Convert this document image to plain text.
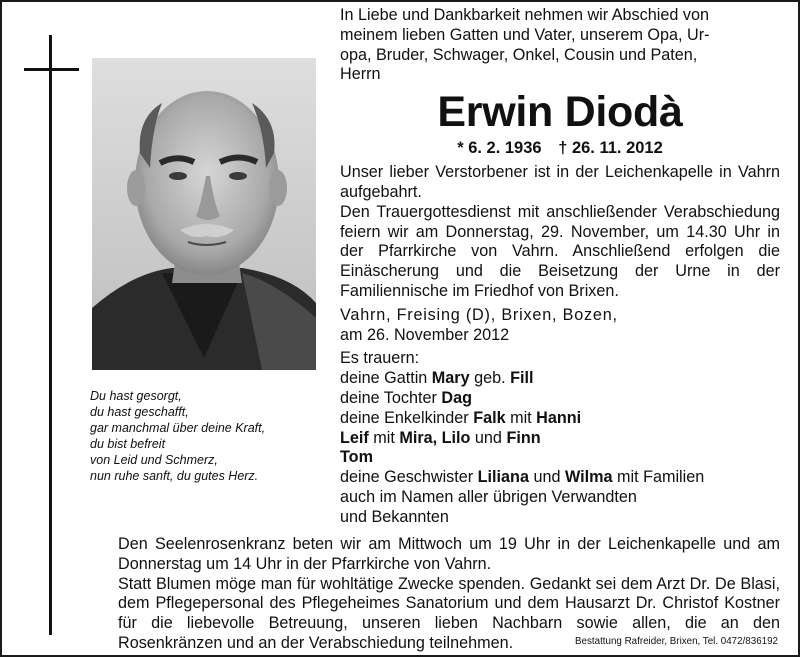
Du hast gesorgt,
du hast geschafft,
gar manchmal über deine Kraft,
du bist befreit
von Leid und Schmerz,
nun ruhe sanft, du gutes Herz.
In Liebe und Dankbarkeit nehmen wir Abschied von
meinem lieben Gatten und Vater, unserem Opa, Ur-
opa, Bruder, Schwager, Onkel, Cousin und Paten,
Herrn
Erwin Diodà
* 6. 2. 1936 † 26. 11. 2012
Unser lieber Verstorbener ist in der Leichenkapelle in Vahrn aufgebahrt.
Den Trauergottesdienst mit anschließender Verabschiedung feiern wir am Donnerstag, 29. November, um 14.30 Uhr in der Pfarrkirche von Vahrn. Anschließend erfolgen die Einäscherung und die Beisetzung der Urne in der Familiennische im Friedhof von Brixen.
Vahrn, Freising (D), Brixen, Bozen,
am 26. November 2012
Es trauern:
deine Gattin Mary geb. Fill
deine Tochter Dag
deine Enkelkinder Falk mit Hanni
Leif mit Mira, Lilo und Finn
Tom
deine Geschwister Liliana und Wilma mit Familien
auch im Namen aller übrigen Verwandten
und Bekannten
Den Seelenrosenkranz beten wir am Mittwoch um 19 Uhr in der Leichenkapelle und am Donnerstag um 14 Uhr in der Pfarrkirche von Vahrn.
Statt Blumen möge man für wohltätige Zwecke spenden. Gedankt sei dem Arzt Dr. De Blasi, dem Pflegepersonal des Pflegeheimes Sanatorium und dem Hausarzt Dr. Christof Kostner für die liebevolle Betreuung, unseren lieben Nachbarn sowie allen, die an den Rosenkränzen und an der Verabschiedung teilnehmen.	Bestattung Rafreider, Brixen, Tel. 0472/836192
